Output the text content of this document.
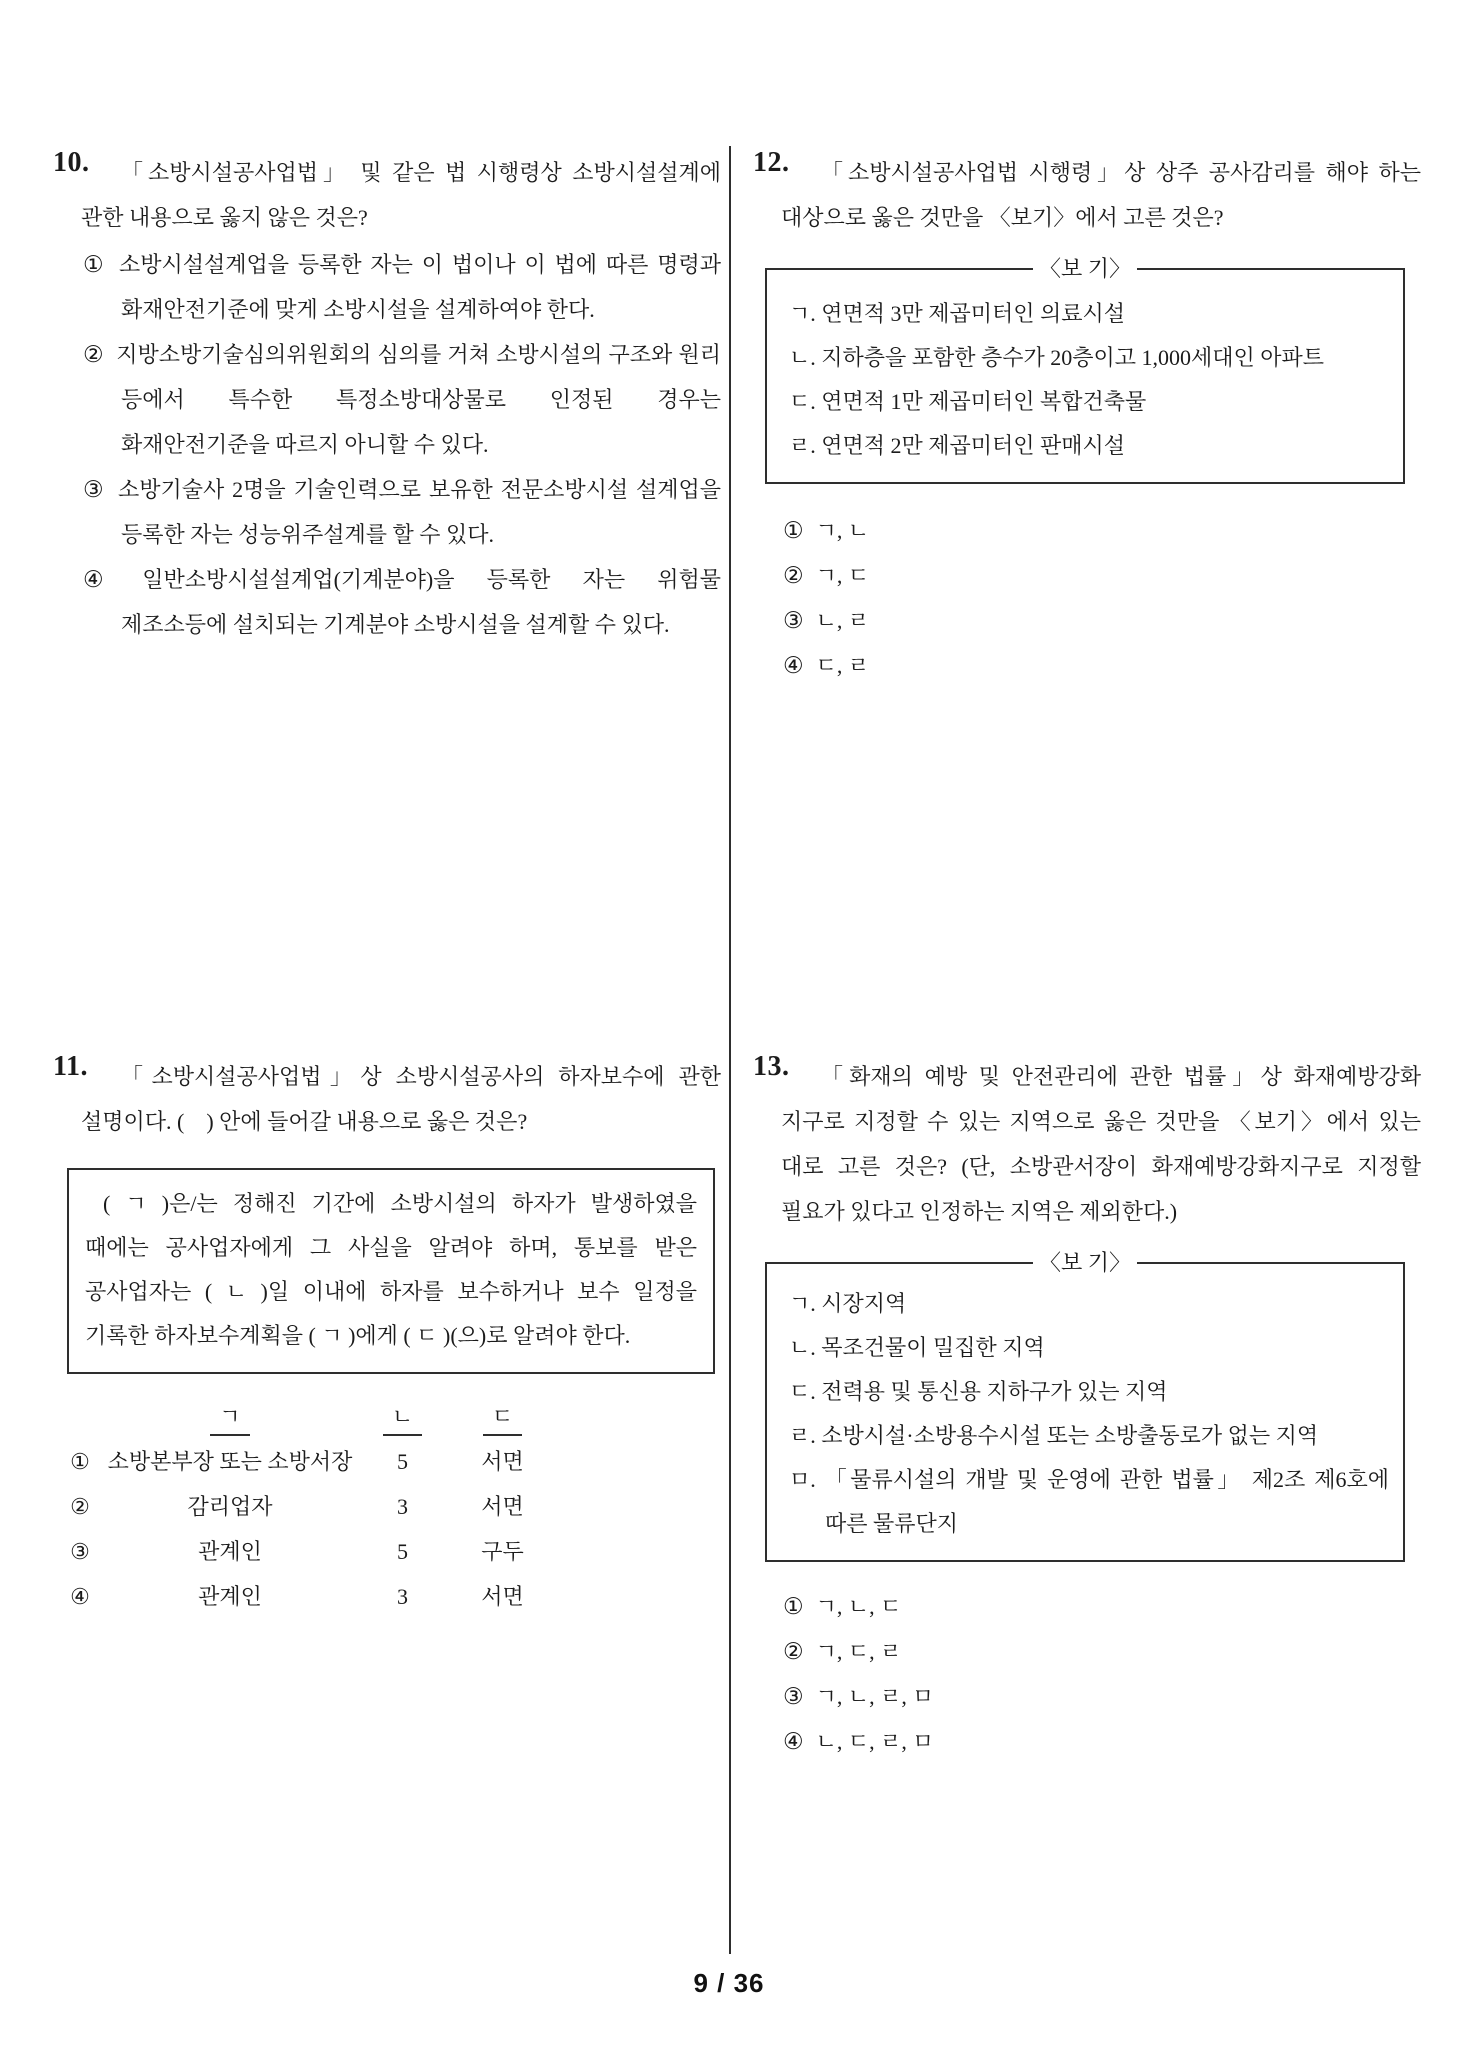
10.	「소방시설공사업법」 및 같은 법 시행령상 소방시설설계에 관한 내용으로 옳지 않은 것은?

① 소방시설설계업을 등록한 자는 이 법이나 이 법에 따른 명령과 화재안전기준에 맞게 소방시설을 설계하여야 한다.
② 지방소방기술심의위원회의 심의를 거쳐 소방시설의 구조와 원리 등에서 특수한 특정소방대상물로 인정된 경우는 화재안전기준을 따르지 아니할 수 있다.
③ 소방기술사 2명을 기술인력으로 보유한 전문소방시설 설계업을 등록한 자는 성능위주설계를 할 수 있다.
④ 일반소방시설설계업(기계분야)을 등록한 자는 위험물 제조소등에 설치되는 기계분야 소방시설을 설계할 수 있다.
12.	「소방시설공사업법 시행령」상 상주 공사감리를 해야 하는 대상으로 옳은 것만을 〈보기〉에서 고른 것은?

〈보 기〉
ㄱ. 연면적 3만 제곱미터인 의료시설
ㄴ. 지하층을 포함한 층수가 20층이고 1,000세대인 아파트
ㄷ. 연면적 1만 제곱미터인 복합건축물
ㄹ. 연면적 2만 제곱미터인 판매시설
① ㄱ, ㄴ
② ㄱ, ㄷ
③ ㄴ, ㄹ
④ ㄷ, ㄹ
11.	「소방시설공사업법」상 소방시설공사의 하자보수에 관한 설명이다. ( ) 안에 들어갈 내용으로 옳은 것은?

( ㄱ )은/는 정해진 기간에 소방시설의 하자가 발생하였을 때에는 공사업자에게 그 사실을 알려야 하며, 통보를 받은 공사업자는 ( ㄴ )일 이내에 하자를 보수하거나 보수 일정을 기록한 하자보수계획을 ( ㄱ )에게 ( ㄷ )(으)로 알려야 한다.

ㄱ	ㄴ	ㄷ
① 소방본부장 또는 소방서장	5	서면
②	감리업자	3	서면
③	관계인	5	구두
④	관계인	3	서면
13.	「화재의 예방 및 안전관리에 관한 법률」상 화재예방강화 지구로 지정할 수 있는 지역으로 옳은 것만을 〈보기〉에서 있는 대로 고른 것은? (단, 소방관서장이 화재예방강화지구로 지정할 필요가 있다고 인정하는 지역은 제외한다.)

〈보 기〉
ㄱ. 시장지역
ㄴ. 목조건물이 밀집한 지역
ㄷ. 전력용 및 통신용 지하구가 있는 지역
ㄹ. 소방시설·소방용수시설 또는 소방출동로가 없는 지역
ㅁ. 「물류시설의 개발 및 운영에 관한 법률」 제2조 제6호에 따른 물류단지
① ㄱ, ㄴ, ㄷ
② ㄱ, ㄷ, ㄹ
③ ㄱ, ㄴ, ㄹ, ㅁ
④ ㄴ, ㄷ, ㄹ, ㅁ
9 / 36
